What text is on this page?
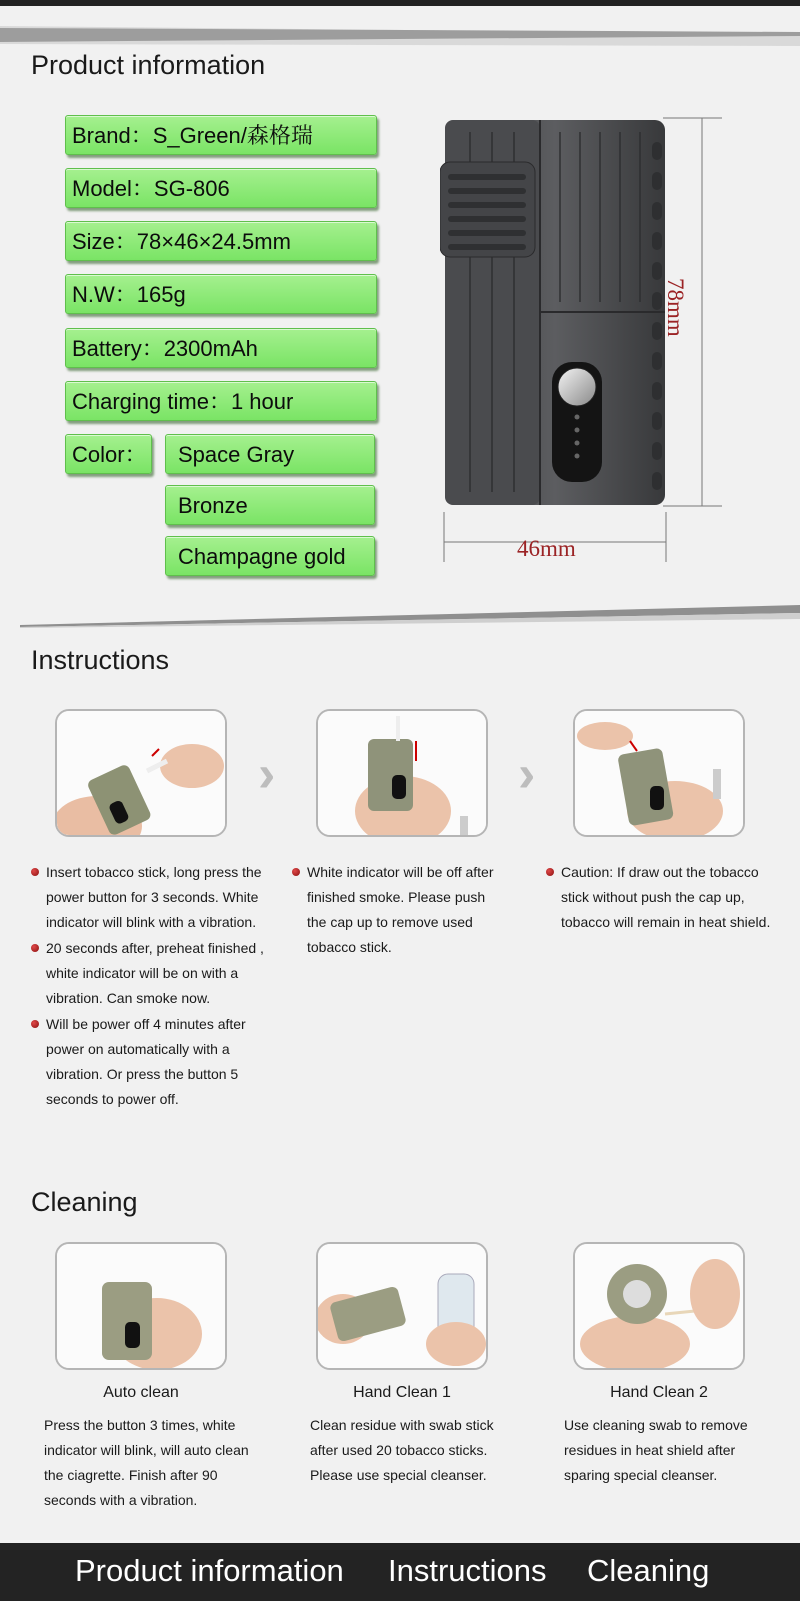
Product information
Brand：S_Green/森格瑞
Model：SG-806
Size：78×46×24.5mm
N.W：165g
Battery：2300mAh
Charging time：1 hour
Color：	Space Gray
Bronze
Champagne gold
78mm
46mm
Instructions
›	›
Insert tobacco stick, long press the power button for 3 seconds. White indicator will blink with a vibration.
20 seconds after, preheat finished , white indicator will be on with a vibration. Can smoke now.
Will be power off 4 minutes after power on automatically with a vibration. Or press the button 5 seconds to power off.
White indicator will be off after finished smoke. Please push the cap up to remove used tobacco stick.
Caution: If draw out the tobacco stick without push the cap up, tobacco will remain in heat shield.
Cleaning
Auto clean	Hand Clean 1	Hand Clean 2
Press the button 3 times, white indicator will blink, will auto clean the ciagrette. Finish after 90 seconds with a vibration.
Clean residue with swab stick after used 20 tobacco sticks. Please use special cleanser.
Use cleaning swab to remove residues in heat shield after sparing special cleanser.
Product information Instructions Cleaning
